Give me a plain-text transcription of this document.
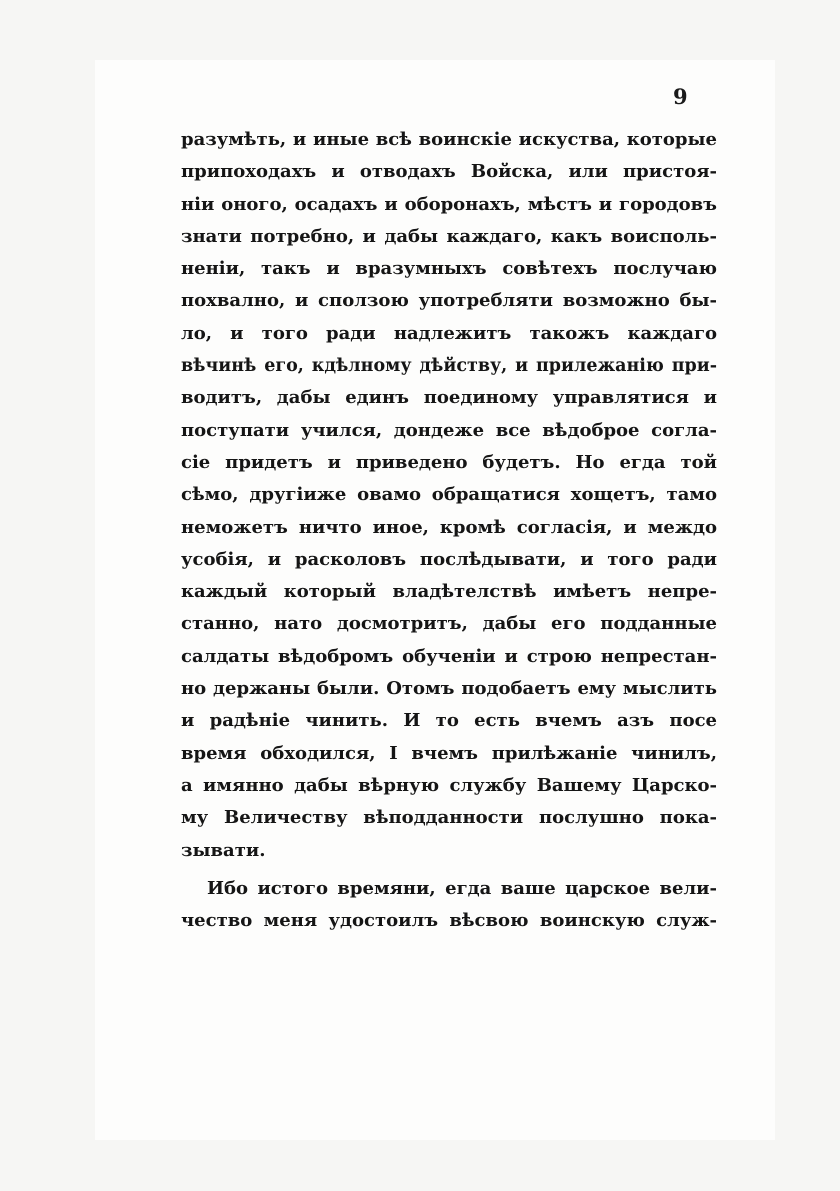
9
разумѣть, и иные всѣ воинскіе искуства, которые
припоходахъ и отводахъ Войска, или пристоя-
ніи оного, осадахъ и оборонахъ, мѣстъ и городовъ
знати потребно, и дабы каждаго, какъ воисполь-
неніи, такъ и вразумныхъ совѣтехъ послучаю
похвално, и сползою употребляти возможно бы-
ло, и того ради надлежитъ такожъ каждаго
вѣчинѣ его, кдѣлному дѣйству, и прилежанію при-
водитъ, дабы единъ поединому управлятися и
поступати учился, дондеже все вѣдоброе согла-
сіе придетъ и приведено будетъ. Но егда той
сѣмо, другіиже овамо обращатися хощетъ, тамо
неможетъ ничто иное, кромѣ согласія, и междо
усобія, и расколовъ послѣдывати, и того ради
каждый который владѣтелствѣ имѣетъ непре-
станно, нато досмотритъ, дабы его подданные
салдаты вѣдобромъ обученіи и строю непрестан-
но держаны были. Отомъ подобаетъ ему мыслить
и радѣніе чинить. И то есть вчемъ азъ посе
время обходился, І вчемъ прилѣжаніе чинилъ,
а имянно дабы вѣрную службу Вашему Царско-
му Величеству вѣподданности послушно пока-
зывати.
Ибо истого времяни, егда ваше царское вели-
чество меня удостоилъ вѣсвою воинскую служ-
